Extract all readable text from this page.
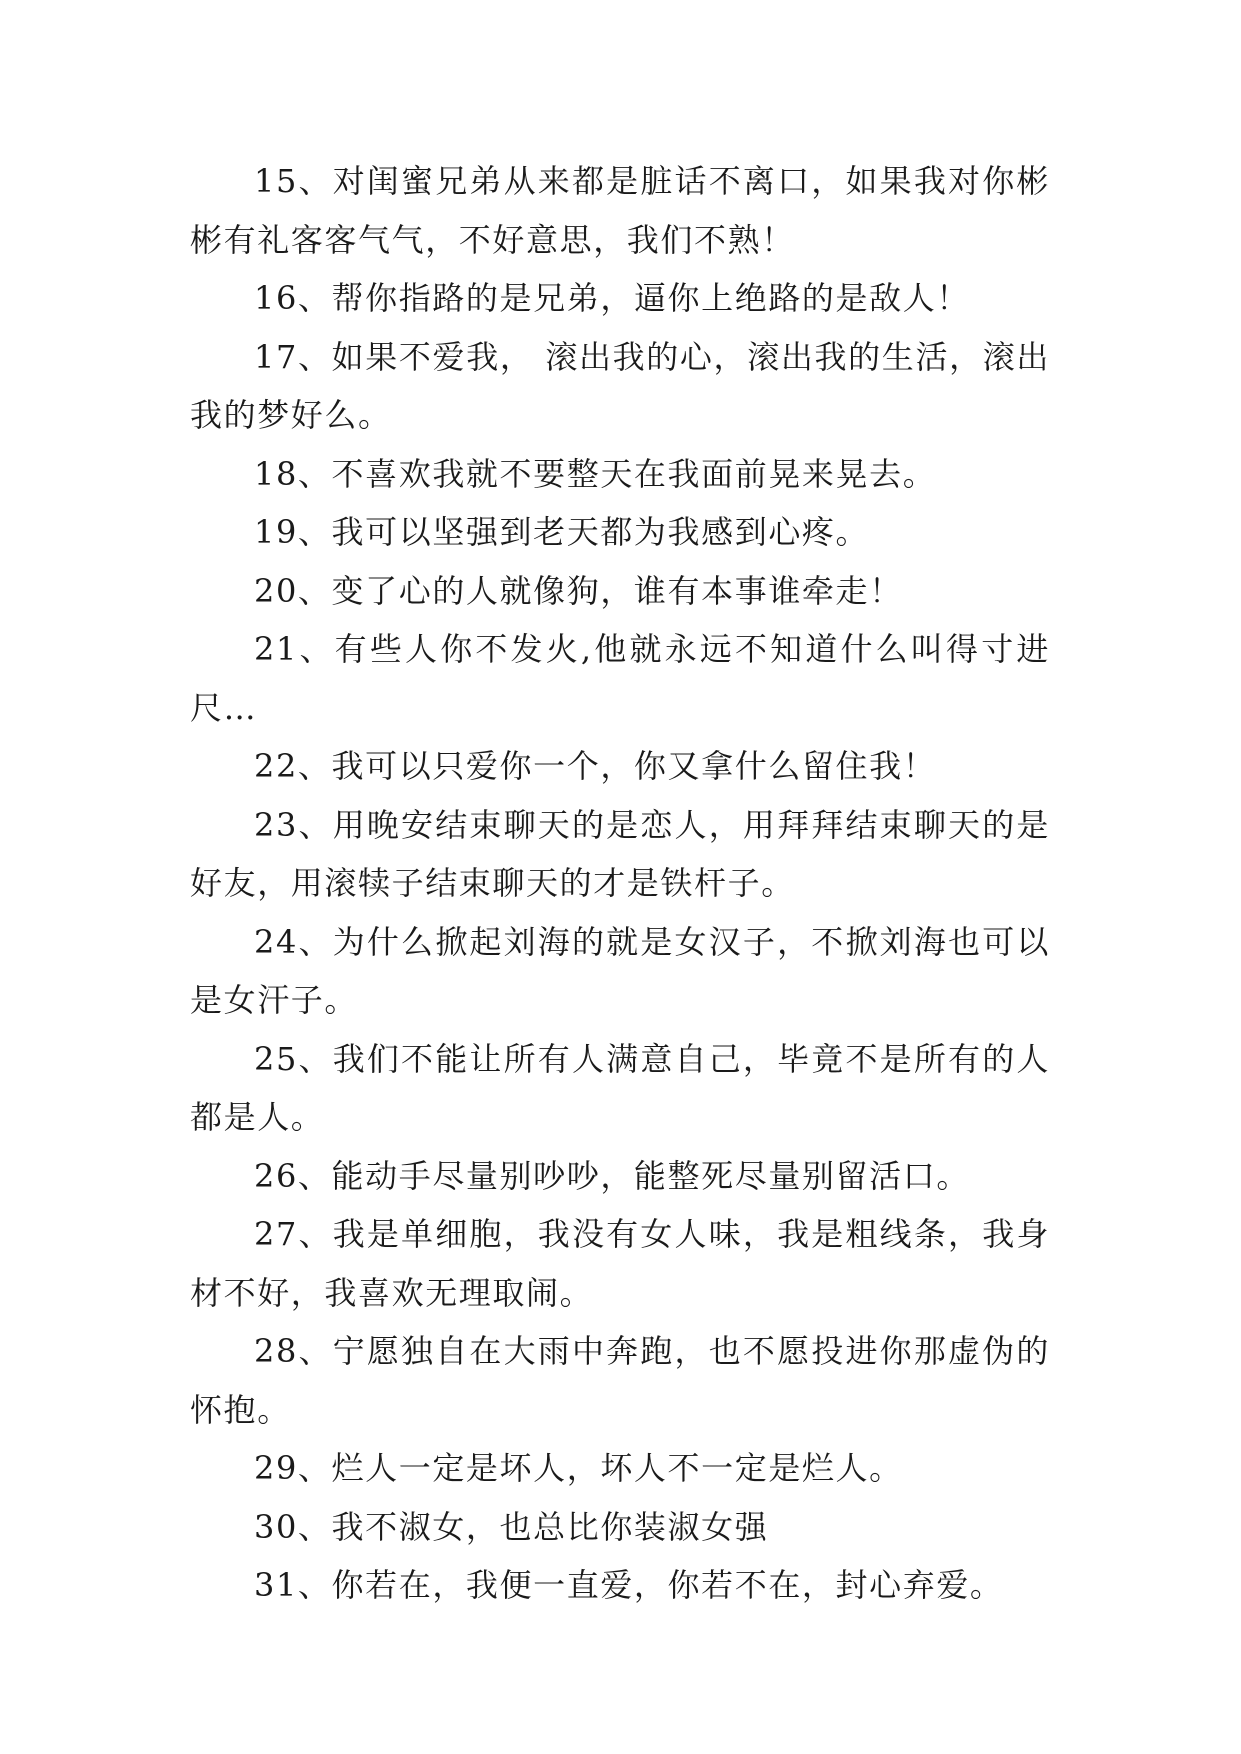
15、对闺蜜兄弟从来都是脏话不离口，如果我对你彬彬有礼客客气气，不好意思，我们不熟！

16、帮你指路的是兄弟，逼你上绝路的是敌人！

17、如果不爱我， 滚出我的心，滚出我的生活，滚出我的梦好么。

18、不喜欢我就不要整天在我面前晃来晃去。

19、我可以坚强到老天都为我感到心疼。

20、变了心的人就像狗，谁有本事谁牵走！

21、有些人你不发火,他就永远不知道什么叫得寸进尺…

22、我可以只爱你一个，你又拿什么留住我！

23、用晚安结束聊天的是恋人，用拜拜结束聊天的是好友，用滚犊子结束聊天的才是铁杆子。

24、为什么掀起刘海的就是女汉子，不掀刘海也可以是女汗子。

25、我们不能让所有人满意自己，毕竟不是所有的人都是人。

26、能动手尽量别吵吵，能整死尽量别留活口。

27、我是单细胞，我没有女人味，我是粗线条，我身材不好，我喜欢无理取闹。

28、宁愿独自在大雨中奔跑，也不愿投进你那虚伪的怀抱。

29、烂人一定是坏人，坏人不一定是烂人。

30、我不淑女，也总比你装淑女强

31、你若在，我便一直爱，你若不在，封心弃爱。
